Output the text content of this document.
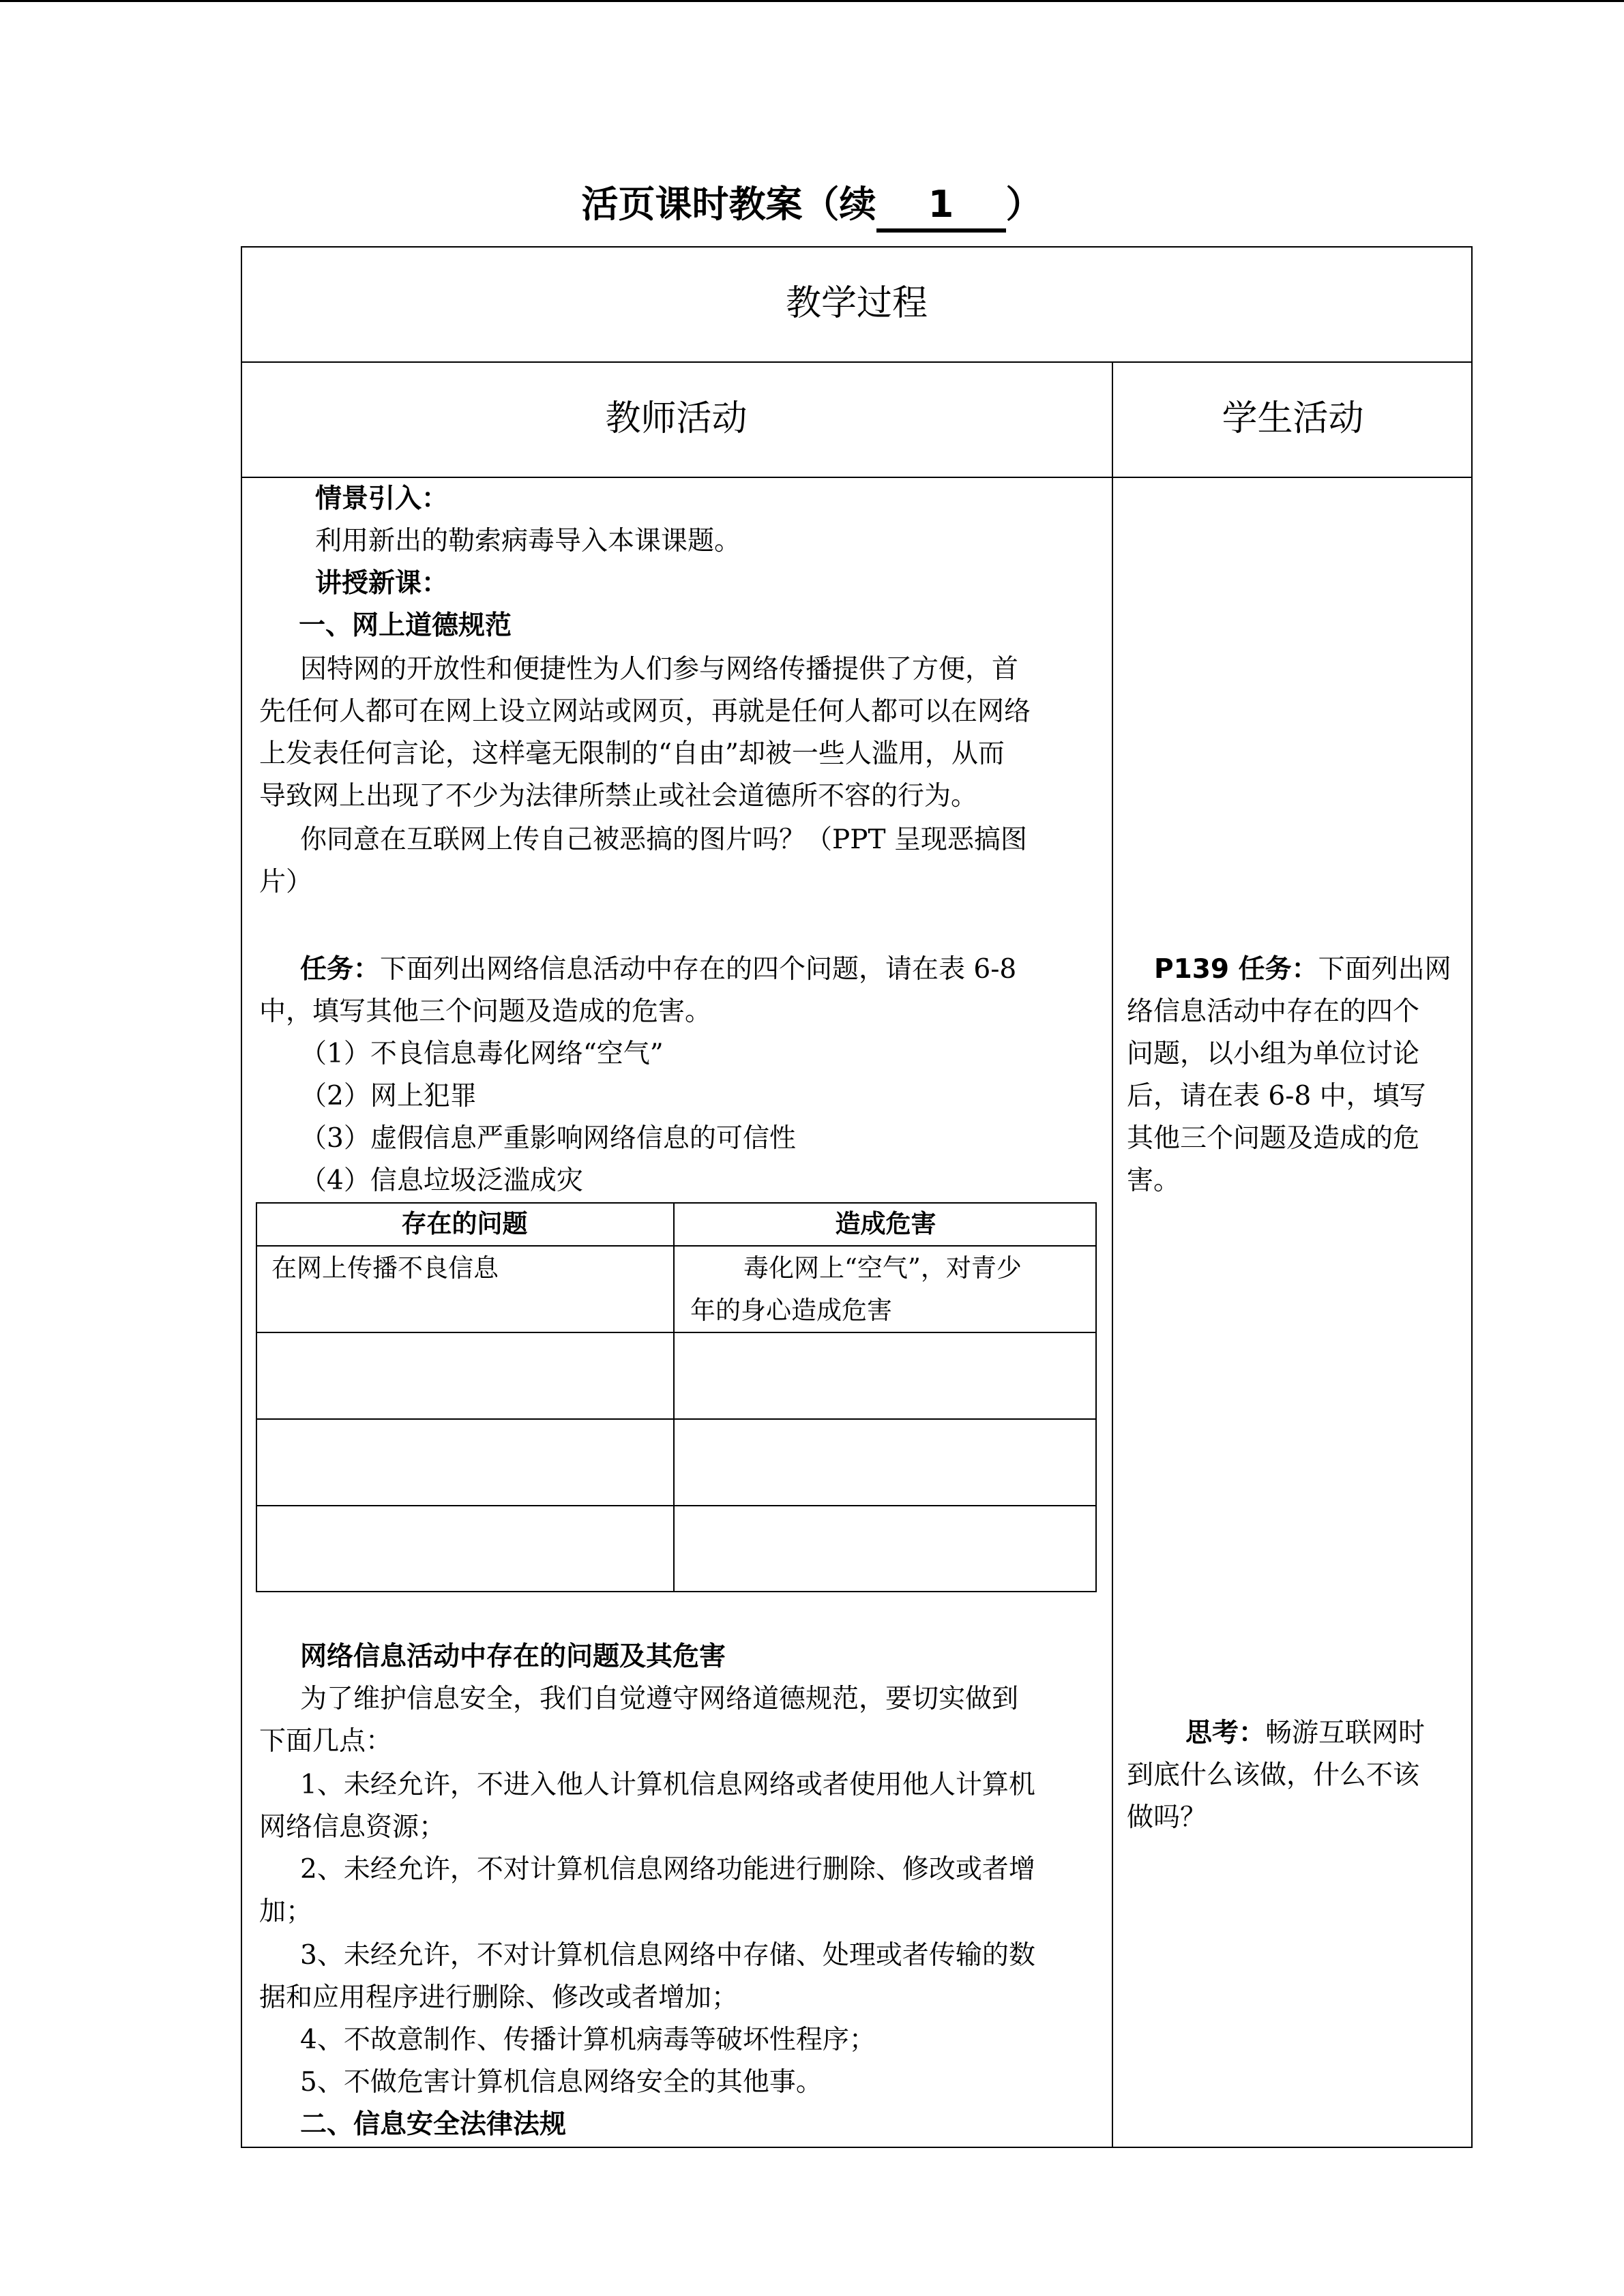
活页课时教案（续 1 ）
教学过程
教师活动	学生活动
情景引入：
利用新出的勒索病毒导入本课课题。
讲授新课：
一、网上道德规范
因特网的开放性和便捷性为人们参与网络传播提供了方便，首
先任何人都可在网上设立网站或网页，再就是任何人都可以在网络
上发表任何言论，这样毫无限制的“自由”却被一些人滥用，从而
导致网上出现了不少为法律所禁止或社会道德所不容的行为。
你同意在互联网上传自己被恶搞的图片吗？（PPT 呈现恶搞图
片）
任务：下面列出网络信息活动中存在的四个问题，请在表 6-8
中，填写其他三个问题及造成的危害。
（1）不良信息毒化网络“空气”
（2）网上犯罪
（3）虚假信息严重影响网络信息的可信性
（4）信息垃圾泛滥成灾
存在的问题	造成危害
在网上传播不良信息	毒化网上“空气”，对青少
年的身心造成危害
网络信息活动中存在的问题及其危害
为了维护信息安全，我们自觉遵守网络道德规范，要切实做到
下面几点：
1、未经允许，不进入他人计算机信息网络或者使用他人计算机
网络信息资源；
2、未经允许，不对计算机信息网络功能进行删除、修改或者增
加；
3、未经允许，不对计算机信息网络中存储、处理或者传输的数
据和应用程序进行删除、修改或者增加；
4、不故意制作、传播计算机病毒等破坏性程序；
5、不做危害计算机信息网络安全的其他事。
二、信息安全法律法规
P139 任务：下面列出网
络信息活动中存在的四个
问题，以小组为单位讨论
后，请在表 6-8 中，填写
其他三个问题及造成的危
害。
思考：畅游互联网时
到底什么该做，什么不该
做吗？
